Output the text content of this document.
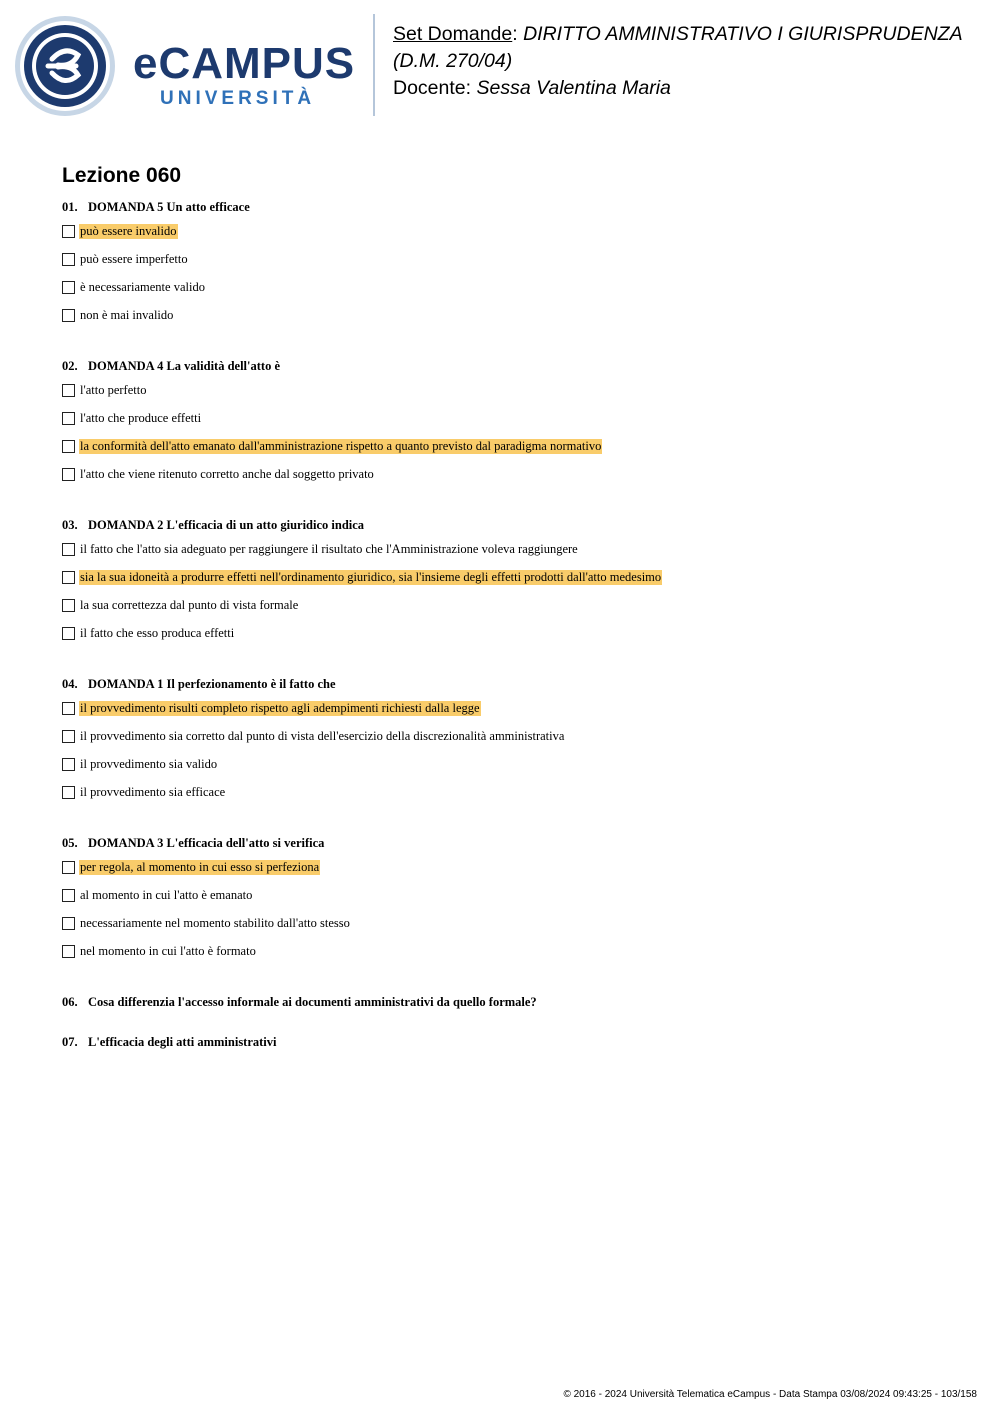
eCAMPUS
UNIVERSITÀ
Set Domande: DIRITTO AMMINISTRATIVO I GIURISPRUDENZA (D.M. 270/04)
Docente: Sessa Valentina Maria
Lezione 060
01. DOMANDA 5 Un atto efficace
può essere invalido
può essere imperfetto
è necessariamente valido
non è mai invalido
02. DOMANDA 4 La validità dell'atto è
l'atto perfetto
l'atto che produce effetti
la conformità dell'atto emanato dall'amministrazione rispetto a quanto previsto dal paradigma normativo
l'atto che viene ritenuto corretto anche dal soggetto privato
03. DOMANDA 2 L'efficacia di un atto giuridico indica
il fatto che l'atto sia adeguato per raggiungere il risultato che l'Amministrazione voleva raggiungere
sia la sua idoneità a produrre effetti nell'ordinamento giuridico, sia l'insieme degli effetti prodotti dall'atto medesimo
la sua correttezza dal punto di vista formale
il fatto che esso produca effetti
04. DOMANDA 1 Il perfezionamento è il fatto che
il provvedimento risulti completo rispetto agli adempimenti richiesti dalla legge
il provvedimento sia corretto dal punto di vista dell'esercizio della discrezionalità amministrativa
il provvedimento sia valido
il provvedimento sia efficace
05. DOMANDA 3 L'efficacia dell'atto si verifica
per regola, al momento in cui esso si perfeziona
al momento in cui l'atto è emanato
necessariamente nel momento stabilito dall'atto stesso
nel momento in cui l'atto è formato
06. Cosa differenzia l'accesso informale ai documenti amministrativi da quello formale?
07. L'efficacia degli atti amministrativi
© 2016 - 2024 Università Telematica eCampus - Data Stampa 03/08/2024 09:43:25 - 103/158
